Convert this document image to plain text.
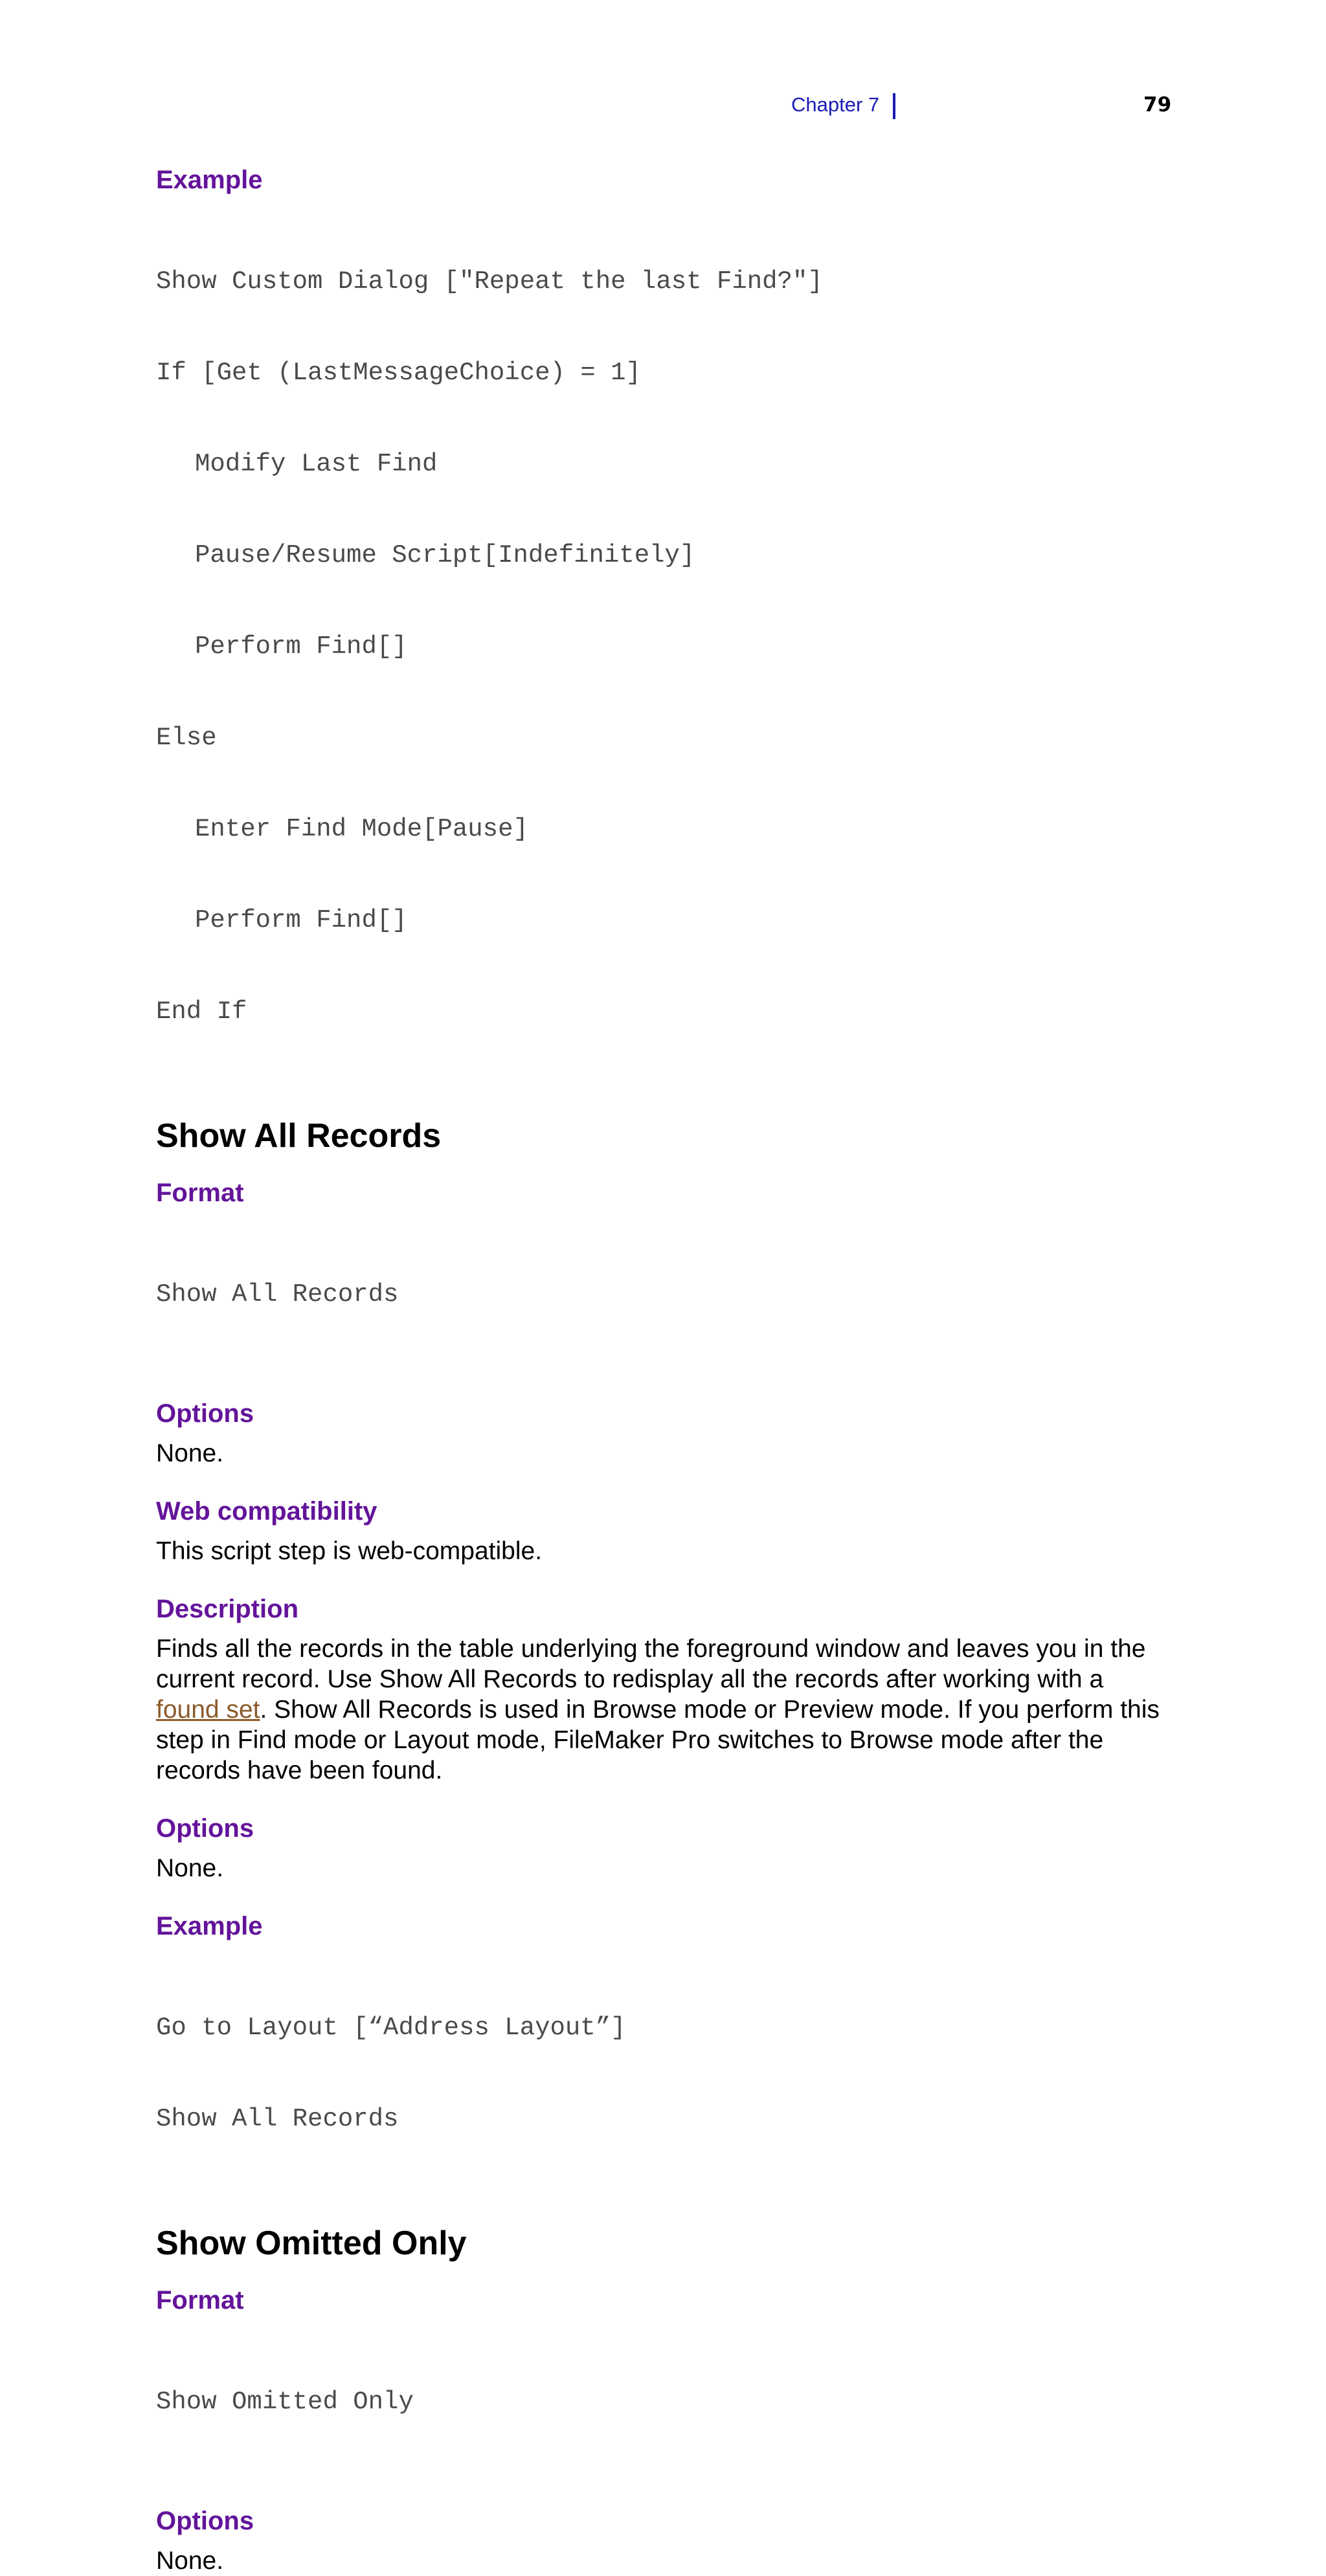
Chapter 7	79
Example

Show Custom Dialog ["Repeat the last Find?"]

If [Get (LastMessageChoice) = 1]

Modify Last Find

Pause/Resume Script[Indefinitely]

Perform Find[]

Else

Enter Find Mode[Pause]

Perform Find[]

End If

Show All Records
Format

Show All Records

Options

None.

Web compatibility

This script step is web-compatible.

Description
Finds all the records in the table underlying the foreground window and leaves you in the
current record. Use Show All Records to redisplay all the records after working with a
found set. Show All Records is used in Browse mode or Preview mode. If you perform this
step in Find mode or Layout mode, FileMaker Pro switches to Browse mode after the
records have been found.
Options

None.

Example

Go to Layout [“Address Layout”]

Show All Records

Show Omitted Only
Format

Show Omitted Only

Options

None.
